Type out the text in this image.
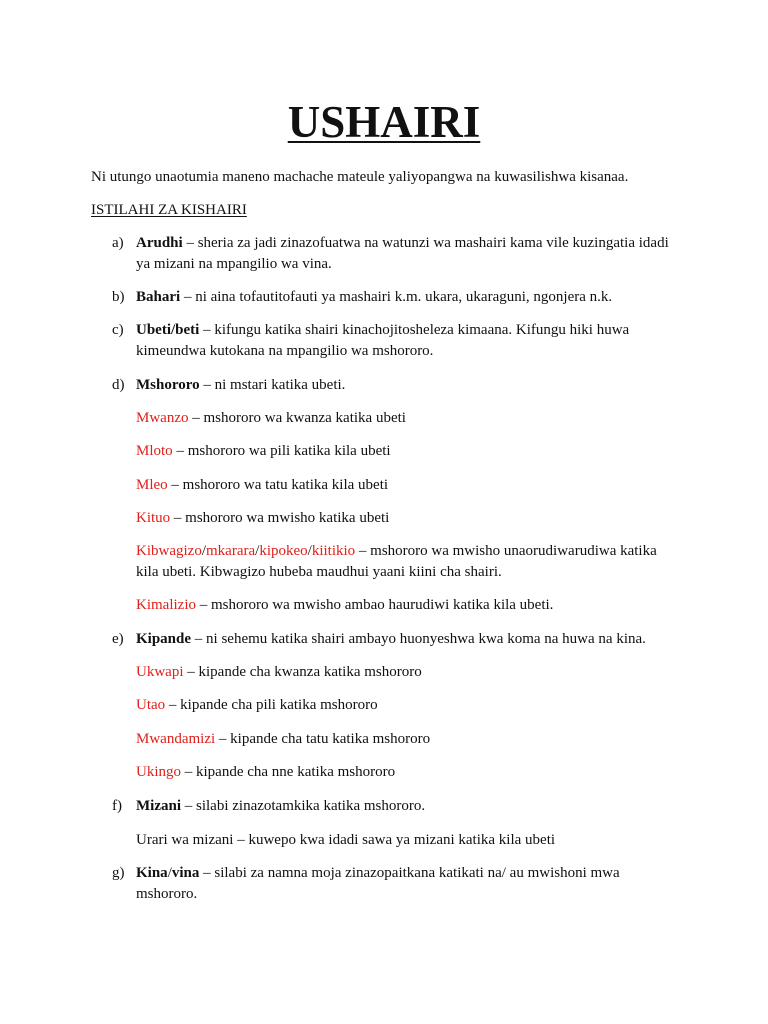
USHAIRI
Ni utungo unaotumia maneno machache mateule yaliyopangwa na kuwasilishwa kisanaa.
ISTILAHI ZA KISHAIRI
a) Arudhi – sheria za jadi zinazofuatwa na watunzi wa mashairi kama vile kuzingatia idadi ya mizani na mpangilio wa vina.
b) Bahari – ni aina tofautitofauti ya mashairi k.m. ukara, ukaraguni, ngonjera n.k.
c) Ubeti/beti – kifungu katika shairi kinachojitosheleza kimaana. Kifungu hiki huwa kimeundwa kutokana na mpangilio wa mshororo.
d) Mshororo – ni mstari katika ubeti.
Mwanzo – mshororo wa kwanza katika ubeti
Mloto – mshororo wa pili katika kila ubeti
Mleo – mshororo wa tatu katika kila ubeti
Kituo – mshororo wa mwisho katika ubeti
Kibwagizo/mkarara/kipokeo/kiitikio – mshororo wa mwisho unaorudiwarudiwa katika kila ubeti. Kibwagizo hubeba maudhui yaani kiini cha shairi.
Kimalizio – mshororo wa mwisho ambao haurudiwi katika kila ubeti.
e) Kipande – ni sehemu katika shairi ambayo huonyeshwa kwa koma na huwa na kina.
Ukwapi – kipande cha kwanza katika mshororo
Utao – kipande cha pili katika mshororo
Mwandamizi – kipande cha tatu katika mshororo
Ukingo – kipande cha nne katika mshororo
f) Mizani – silabi zinazotamkika katika mshororo.
Urari wa mizani – kuwepo kwa idadi sawa ya mizani katika kila ubeti
g) Kina/vina – silabi za namna moja zinazopaitkana katikati na/ au mwishoni mwa mshororo.
